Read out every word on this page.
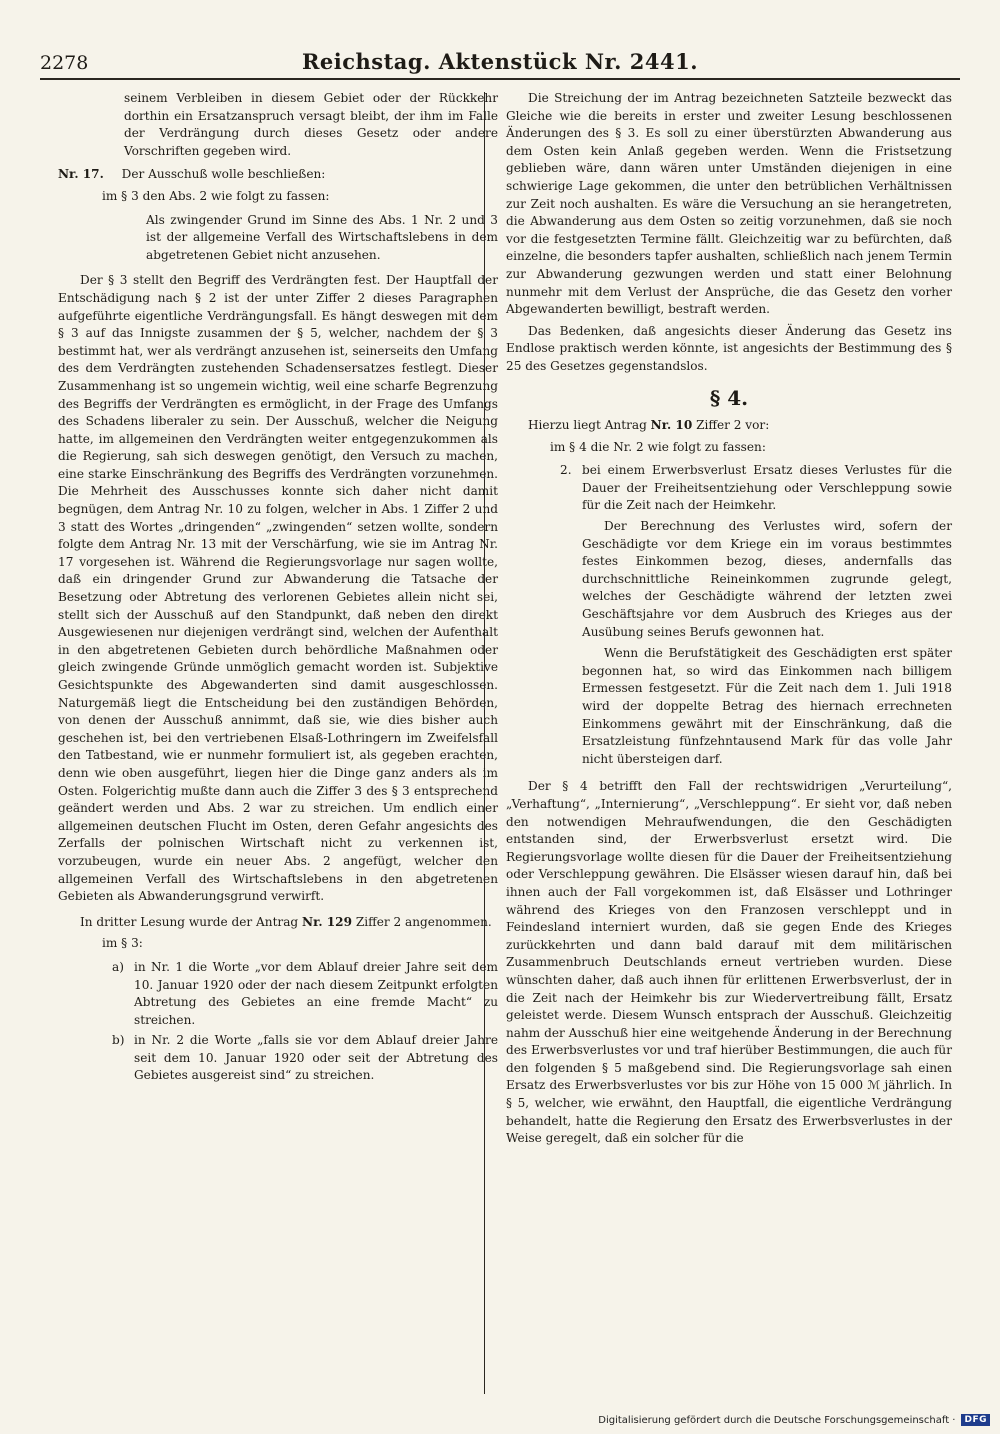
2278	Reichstag. Aktenstück Nr. 2441.

seinem Verbleiben in diesem Gebiet oder der Rückkehr dorthin ein Ersatzanspruch versagt bleibt, der ihm im Falle der Verdrängung durch dieses Gesetz oder andere Vorschriften gegeben wird.

Nr. 17. Der Ausschuß wolle beschließen:

im § 3 den Abs. 2 wie folgt zu fassen:

Als zwingender Grund im Sinne des Abs. 1 Nr. 2 und 3 ist der allgemeine Verfall des Wirtschaftslebens in dem abgetretenen Gebiet nicht anzusehen.

Der § 3 stellt den Begriff des Verdrängten fest. Der Hauptfall der Entschädigung nach § 2 ist der unter Ziffer 2 dieses Paragraphen aufgeführte eigentliche Verdrängungsfall. Es hängt deswegen mit dem § 3 auf das Innigste zusammen der § 5, welcher, nachdem der § 3 bestimmt hat, wer als verdrängt anzusehen ist, seinerseits den Umfang des dem Verdrängten zustehenden Schadensersatzes festlegt. Dieser Zusammenhang ist so ungemein wichtig, weil eine scharfe Begrenzung des Begriffs der Verdrängten es ermöglicht, in der Frage des Umfangs des Schadens liberaler zu sein. Der Ausschuß, welcher die Neigung hatte, im allgemeinen den Verdrängten weiter entgegenzukommen als die Regierung, sah sich deswegen genötigt, den Versuch zu machen, eine starke Einschränkung des Begriffs des Verdrängten vorzunehmen. Die Mehrheit des Ausschusses konnte sich daher nicht damit begnügen, dem Antrag Nr. 10 zu folgen, welcher in Abs. 1 Ziffer 2 und 3 statt des Wortes „dringenden“ „zwingenden“ setzen wollte, sondern folgte dem Antrag Nr. 13 mit der Verschärfung, wie sie im Antrag Nr. 17 vorgesehen ist. Während die Regierungsvorlage nur sagen wollte, daß ein dringender Grund zur Abwanderung die Tatsache der Besetzung oder Abtretung des verlorenen Gebietes allein nicht sei, stellt sich der Ausschuß auf den Standpunkt, daß neben den direkt Ausgewiesenen nur diejenigen verdrängt sind, welchen der Aufenthalt in den abgetretenen Gebieten durch behördliche Maßnahmen oder gleich zwingende Gründe unmöglich gemacht worden ist. Subjektive Gesichtspunkte des Abgewanderten sind damit ausgeschlossen. Naturgemäß liegt die Entscheidung bei den zuständigen Behörden, von denen der Ausschuß annimmt, daß sie, wie dies bisher auch geschehen ist, bei den vertriebenen Elsaß-Lothringern im Zweifelsfall den Tatbestand, wie er nunmehr formuliert ist, als gegeben erachten, denn wie oben ausgeführt, liegen hier die Dinge ganz anders als im Osten. Folgerichtig mußte dann auch die Ziffer 3 des § 3 entsprechend geändert werden und Abs. 2 war zu streichen. Um endlich einer allgemeinen deutschen Flucht im Osten, deren Gefahr angesichts des Zerfalls der polnischen Wirtschaft nicht zu verkennen ist, vorzubeugen, wurde ein neuer Abs. 2 angefügt, welcher den allgemeinen Verfall des Wirtschaftslebens in den abgetretenen Gebieten als Abwanderungsgrund verwirft.

In dritter Lesung wurde der Antrag Nr. 129 Ziffer 2 angenommen.

im § 3:

a) in Nr. 1 die Worte „vor dem Ablauf dreier Jahre seit dem 10. Januar 1920 oder der nach diesem Zeitpunkt erfolgten Abtretung des Gebietes an eine fremde Macht“ zu streichen.

b) in Nr. 2 die Worte „falls sie vor dem Ablauf dreier Jahre seit dem 10. Januar 1920 oder seit der Abtretung des Gebietes ausgereist sind“ zu streichen.

Die Streichung der im Antrag bezeichneten Satzteile bezweckt das Gleiche wie die bereits in erster und zweiter Lesung beschlossenen Änderungen des § 3. Es soll zu einer überstürzten Abwanderung aus dem Osten kein Anlaß gegeben werden. Wenn die Fristsetzung geblieben wäre, dann wären unter Umständen diejenigen in eine schwierige Lage gekommen, die unter den betrüblichen Verhältnissen zur Zeit noch aushalten. Es wäre die Versuchung an sie herangetreten, die Abwanderung aus dem Osten so zeitig vorzunehmen, daß sie noch vor die festgesetzten Termine fällt. Gleichzeitig war zu befürchten, daß einzelne, die besonders tapfer aushalten, schließlich nach jenem Termin zur Abwanderung gezwungen werden und statt einer Belohnung nunmehr mit dem Verlust der Ansprüche, die das Gesetz den vorher Abgewanderten bewilligt, bestraft werden.

Das Bedenken, daß angesichts dieser Änderung das Gesetz ins Endlose praktisch werden könnte, ist angesichts der Bestimmung des § 25 des Gesetzes gegenstandslos.

§ 4.

Hierzu liegt Antrag Nr. 10 Ziffer 2 vor:

im § 4 die Nr. 2 wie folgt zu fassen:

2. bei einem Erwerbsverlust Ersatz dieses Verlustes für die Dauer der Freiheitsentziehung oder Verschleppung sowie für die Zeit nach der Heimkehr.

Der Berechnung des Verlustes wird, sofern der Geschädigte vor dem Kriege ein im voraus bestimmtes festes Einkommen bezog, dieses, andernfalls das durchschnittliche Reineinkommen zugrunde gelegt, welches der Geschädigte während der letzten zwei Geschäftsjahre vor dem Ausbruch des Krieges aus der Ausübung seines Berufs gewonnen hat.

Wenn die Berufstätigkeit des Geschädigten erst später begonnen hat, so wird das Einkommen nach billigem Ermessen festgesetzt. Für die Zeit nach dem 1. Juli 1918 wird der doppelte Betrag des hiernach errechneten Einkommens gewährt mit der Einschränkung, daß die Ersatzleistung fünfzehntausend Mark für das volle Jahr nicht übersteigen darf.

Der § 4 betrifft den Fall der rechtswidrigen „Verurteilung“, „Verhaftung“, „Internierung“, „Verschleppung“. Er sieht vor, daß neben den notwendigen Mehraufwendungen, die den Geschädigten entstanden sind, der Erwerbsverlust ersetzt wird. Die Regierungsvorlage wollte diesen für die Dauer der Freiheitsentziehung oder Verschleppung gewähren. Die Elsässer wiesen darauf hin, daß bei ihnen auch der Fall vorgekommen ist, daß Elsässer und Lothringer während des Krieges von den Franzosen verschleppt und in Feindesland interniert wurden, daß sie gegen Ende des Krieges zurückkehrten und dann bald darauf mit dem militärischen Zusammenbruch Deutschlands erneut vertrieben wurden. Diese wünschten daher, daß auch ihnen für erlittenen Erwerbsverlust, der in die Zeit nach der Heimkehr bis zur Wiedervertreibung fällt, Ersatz geleistet werde. Diesem Wunsch entsprach der Ausschuß. Gleichzeitig nahm der Ausschuß hier eine weitgehende Änderung in der Berechnung des Erwerbsverlustes vor und traf hierüber Bestimmungen, die auch für den folgenden § 5 maßgebend sind. Die Regierungsvorlage sah einen Ersatz des Erwerbsverlustes vor bis zur Höhe von 15 000 ℳ jährlich. In § 5, welcher, wie erwähnt, den Hauptfall, die eigentliche Verdrängung behandelt, hatte die Regierung den Ersatz des Erwerbsverlustes in der Weise geregelt, daß ein solcher für die

Digitalisierung gefördert durch die Deutsche Forschungsgemeinschaft ·	DFG
